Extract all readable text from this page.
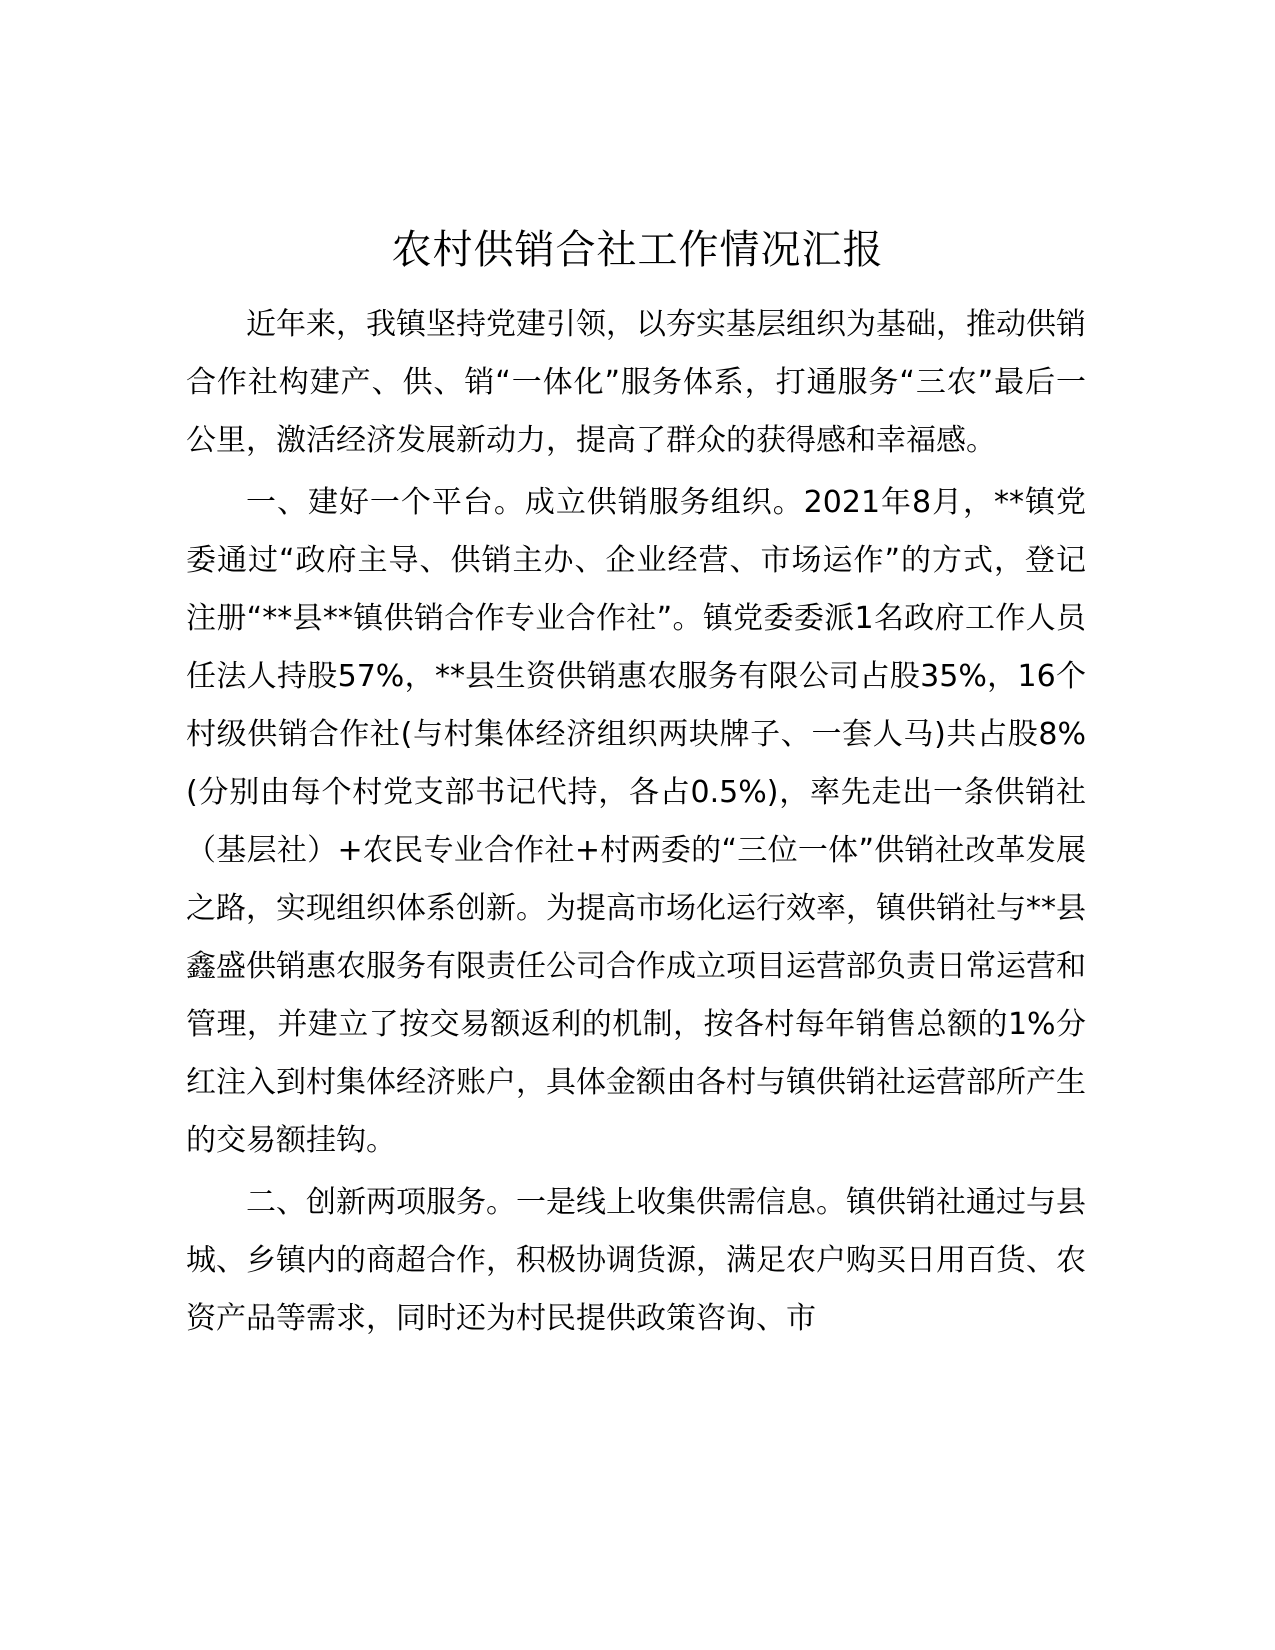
农村供销合社工作情况汇报

近年来，我镇坚持党建引领，以夯实基层组织为基础，推动供销合作社构建产、供、销“一体化”服务体系，打通服务“三农”最后一公里，激活经济发展新动力，提高了群众的获得感和幸福感。

一、建好一个平台。成立供销服务组织。2021年8月，**镇党委通过“政府主导、供销主办、企业经营、市场运作”的方式，登记注册“**县**镇供销合作专业合作社”。镇党委委派1名政府工作人员任法人持股57%，**县生资供销惠农服务有限公司占股35%，16个村级供销合作社(与村集体经济组织两块牌子、一套人马)共占股8%(分别由每个村党支部书记代持，各占0.5%)，率先走出一条供销社（基层社）+农民专业合作社+村两委的“三位一体”供销社改革发展之路，实现组织体系创新。为提高市场化运行效率，镇供销社与**县鑫盛供销惠农服务有限责任公司合作成立项目运营部负责日常运营和管理，并建立了按交易额返利的机制，按各村每年销售总额的1%分红注入到村集体经济账户，具体金额由各村与镇供销社运营部所产生的交易额挂钩。

二、创新两项服务。一是线上收集供需信息。镇供销社通过与县城、乡镇内的商超合作，积极协调货源，满足农户购买日用百货、农资产品等需求，同时还为村民提供政策咨询、市
